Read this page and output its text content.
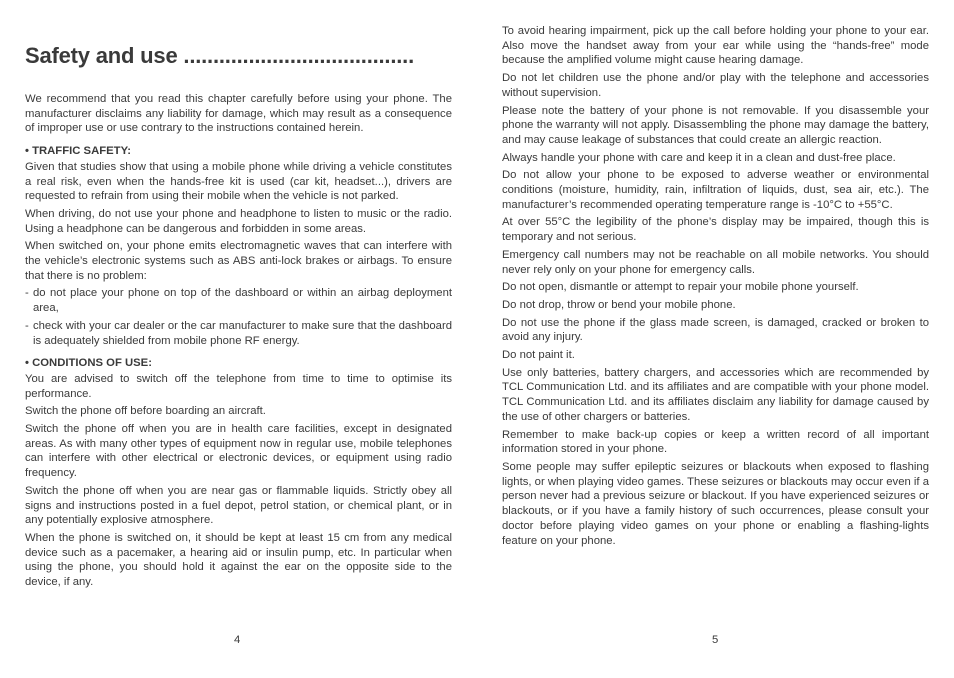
Safety and use .......................................

We recommend that you read this chapter carefully before using your phone. The manufacturer disclaims any liability for damage, which may result as a consequence of improper use or use contrary to the instructions contained herein.

• TRAFFIC SAFETY:

Given that studies show that using a mobile phone while driving a vehicle constitutes a real risk, even when the hands-free kit is used (car kit, headset...), drivers are requested to refrain from using their mobile when the vehicle is not parked.

When driving, do not use your phone and headphone to listen to music or the radio. Using a headphone can be dangerous and forbidden in some areas.

When switched on, your phone emits electromagnetic waves that can interfere with the vehicle’s electronic systems such as ABS anti-lock brakes or airbags. To ensure that there is no problem:

- do not place your phone on top of the dashboard or within an airbag deployment area,
- check with your car dealer or the car manufacturer to make sure that the dashboard is adequately shielded from mobile phone RF energy.
• CONDITIONS OF USE:

You are advised to switch off the telephone from time to time to optimise its performance.

Switch the phone off before boarding an aircraft.

Switch the phone off when you are in health care facilities, except in designated areas. As with many other types of equipment now in regular use, mobile telephones can interfere with other electrical or electronic devices, or equipment using radio frequency.

Switch the phone off when you are near gas or flammable liquids. Strictly obey all signs and instructions posted in a fuel depot, petrol station, or chemical plant, or in any potentially explosive atmosphere.

When the phone is switched on, it should be kept at least 15 cm from any medical device such as a pacemaker, a hearing aid or insulin pump, etc. In particular when using the phone, you should hold it against the ear on the opposite side to the device, if any.

4

To avoid hearing impairment, pick up the call before holding your phone to your ear. Also move the handset away from your ear while using the “hands-free” mode because the amplified volume might cause hearing damage.

Do not let children use the phone and/or play with the telephone and accessories without supervision.

Please note the battery of your phone is not removable. If you disassemble your phone the warranty will not apply. Disassembling the phone may damage the battery, and may cause leakage of substances that could create an allergic reaction.

Always handle your phone with care and keep it in a clean and dust-free place.

Do not allow your phone to be exposed to adverse weather or environmental conditions (moisture, humidity, rain, infiltration of liquids, dust, sea air, etc.). The manufacturer’s recommended operating temperature range is -10°C to +55°C.

At over 55°C the legibility of the phone’s display may be impaired, though this is temporary and not serious.

Emergency call numbers may not be reachable on all mobile networks. You should never rely only on your phone for emergency calls.

Do not open, dismantle or attempt to repair your mobile phone yourself.

Do not drop, throw or bend your mobile phone.

Do not use the phone if the glass made screen, is damaged, cracked or broken to avoid any injury.

Do not paint it.

Use only batteries, battery chargers, and accessories which are recommended by TCL Communication Ltd. and its affiliates and are compatible with your phone model. TCL Communication Ltd. and its affiliates disclaim any liability for damage caused by the use of other chargers or batteries.

Remember to make back-up copies or keep a written record of all important information stored in your phone.

Some people may suffer epileptic seizures or blackouts when exposed to flashing lights, or when playing video games. These seizures or blackouts may occur even if a person never had a previous seizure or blackout. If you have experienced seizures or blackouts, or if you have a family history of such occurrences, please consult your doctor before playing video games on your phone or enabling a flashing-lights feature on your phone.

5
